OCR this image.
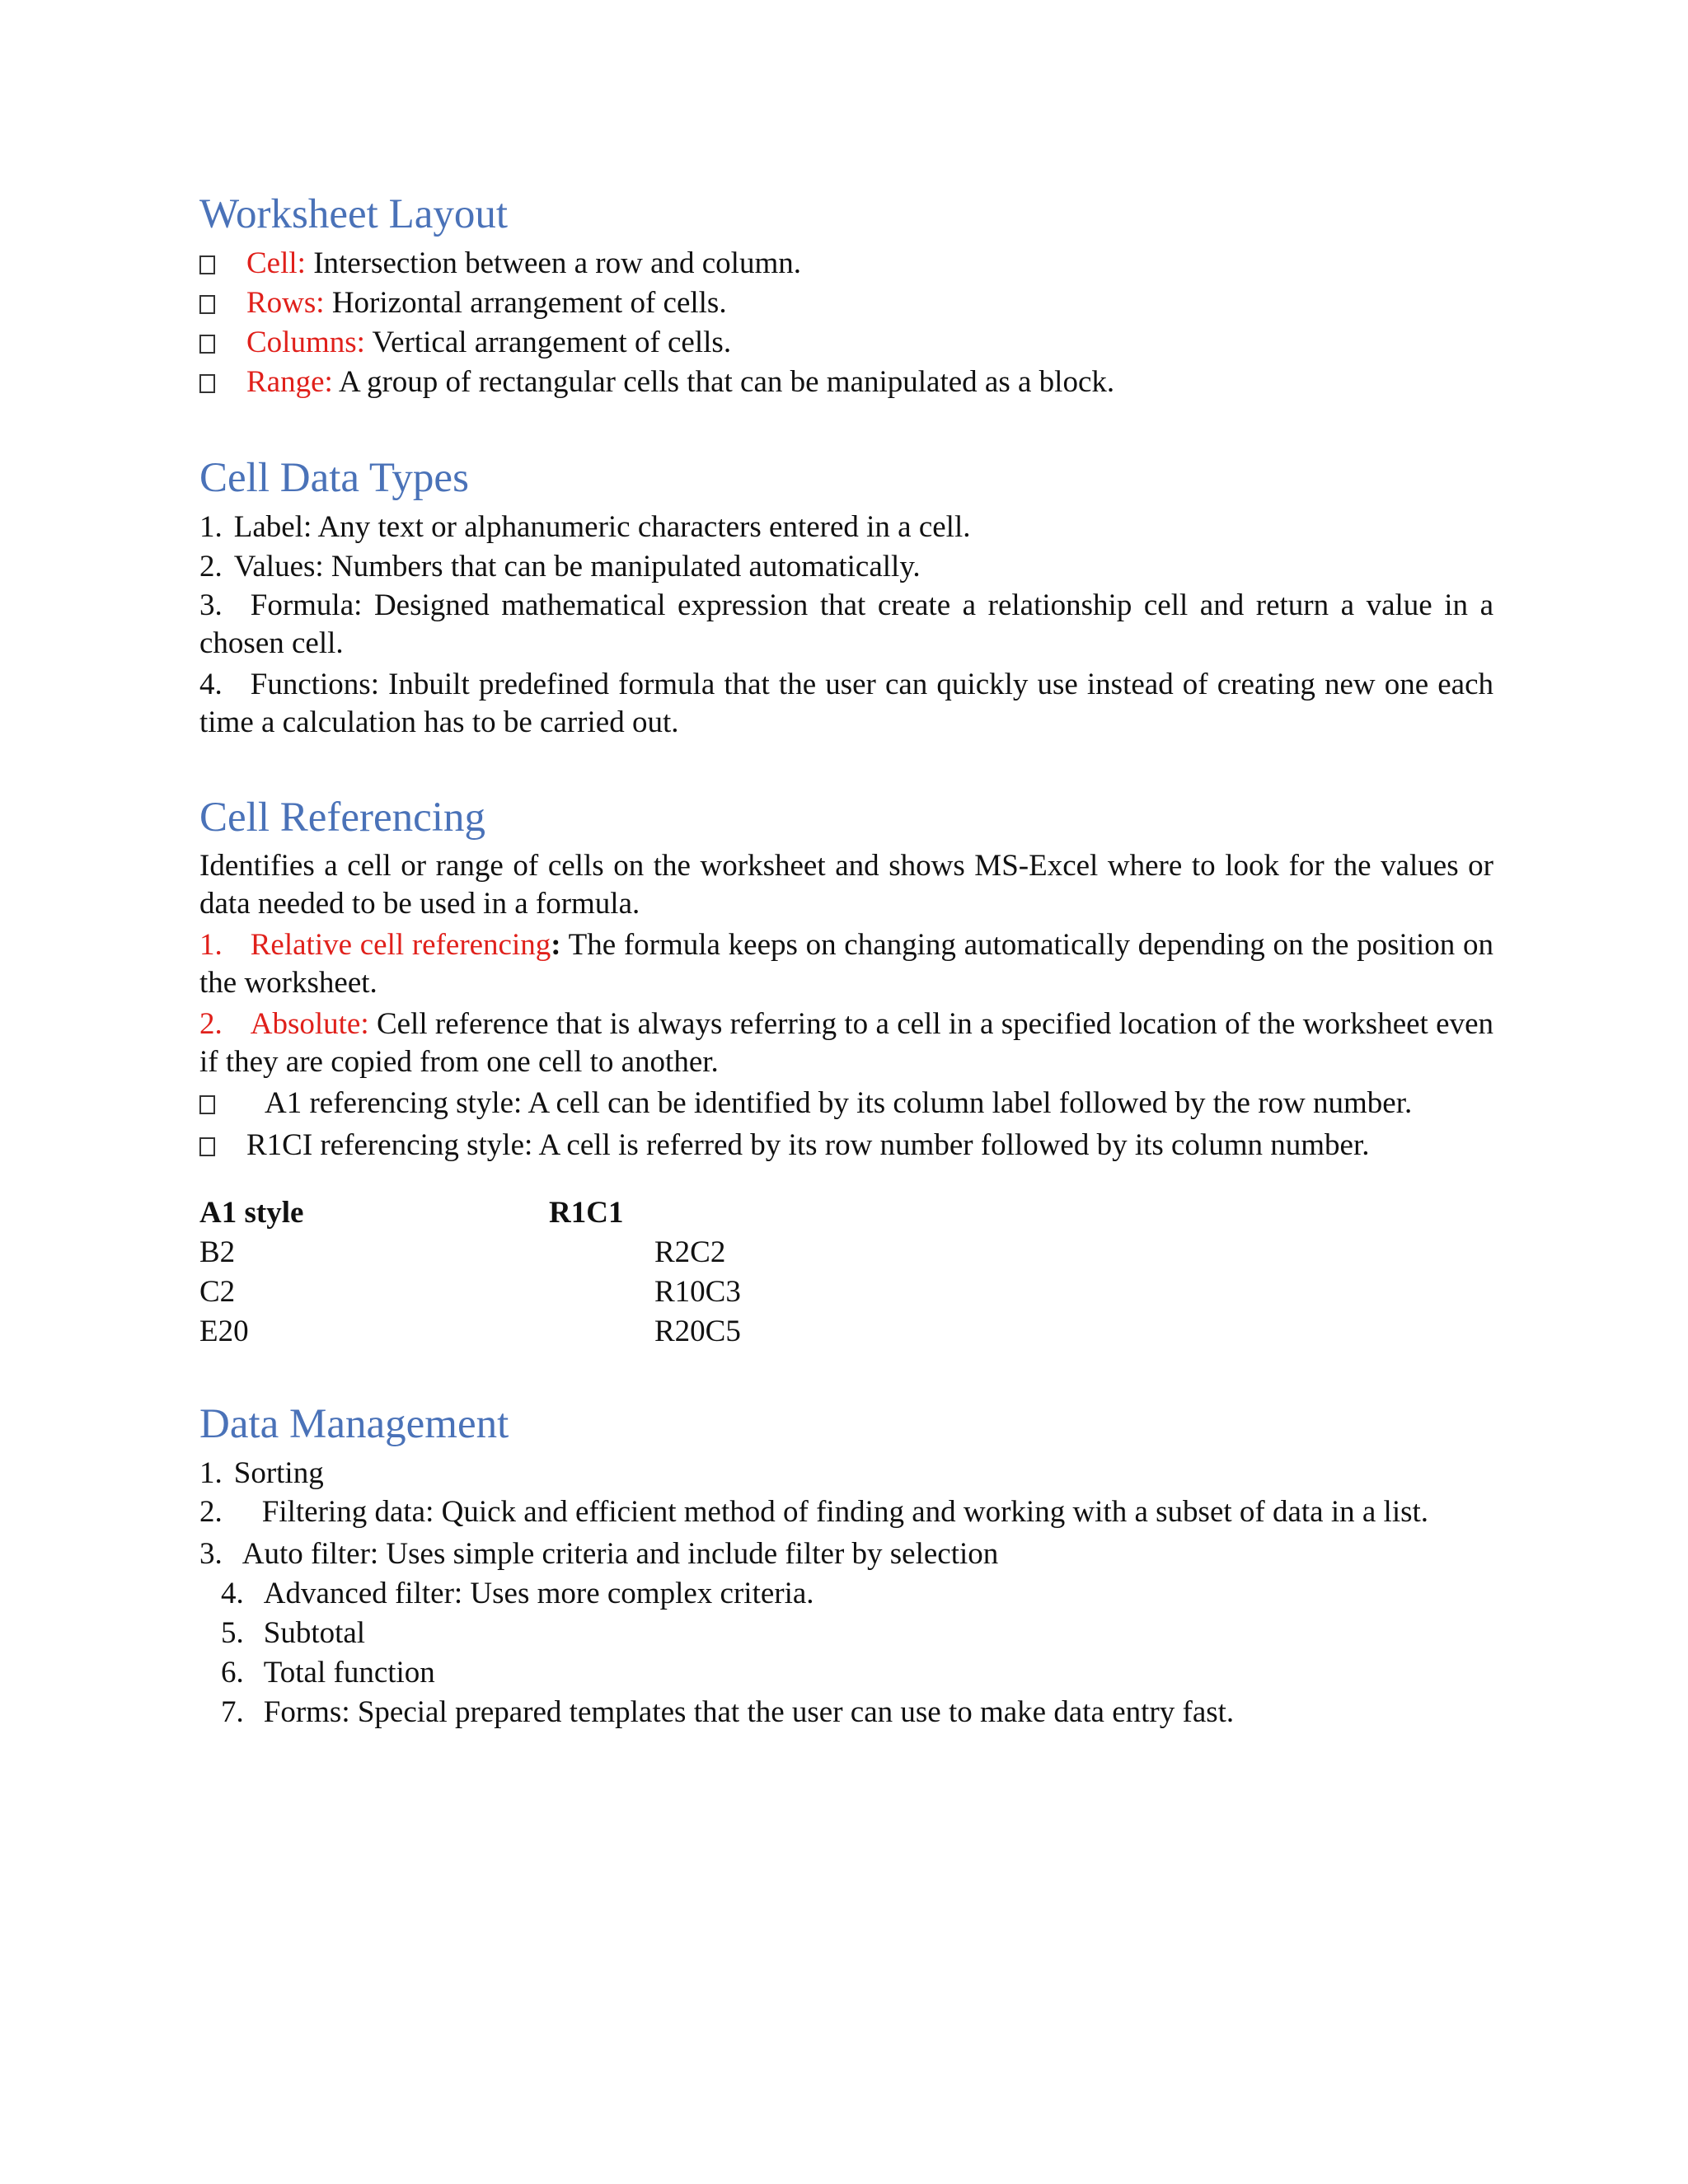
Worksheet Layout

Cell: Intersection between a row and column.

Rows: Horizontal arrangement of cells.

Columns: Vertical arrangement of cells.

Range: A group of rectangular cells that can be manipulated as a block.

Cell Data Types

1. Label: Any text or alphanumeric characters entered in a cell.

2. Values: Numbers that can be manipulated automatically.

3. Formula: Designed mathematical expression that create a relationship cell and return a value in a chosen cell.

4. Functions: Inbuilt predefined formula that the user can quickly use instead of creating new one each time a calculation has to be carried out.

Cell Referencing

Identifies a cell or range of cells on the worksheet and shows MS-Excel where to look for the values or data needed to be used in a formula.

1. Relative cell referencing: The formula keeps on changing automatically depending on the position on the worksheet.

2. Absolute: Cell reference that is always referring to a cell in a specified location of the worksheet even if they are copied from one cell to another.

A1 referencing style: A cell can be identified by its column label followed by the row number.

R1CI referencing style: A cell is referred by its row number followed by its column number.

A1 style	R1C1
B2	R2C2
C2	R10C3
E20	R20C5
Data Management

1. Sorting

2. Filtering data: Quick and efficient method of finding and working with a subset of data in a list.

3. Auto filter: Uses simple criteria and include filter by selection

4. Advanced filter: Uses more complex criteria.

5. Subtotal

6. Total function

7. Forms: Special prepared templates that the user can use to make data entry fast.
